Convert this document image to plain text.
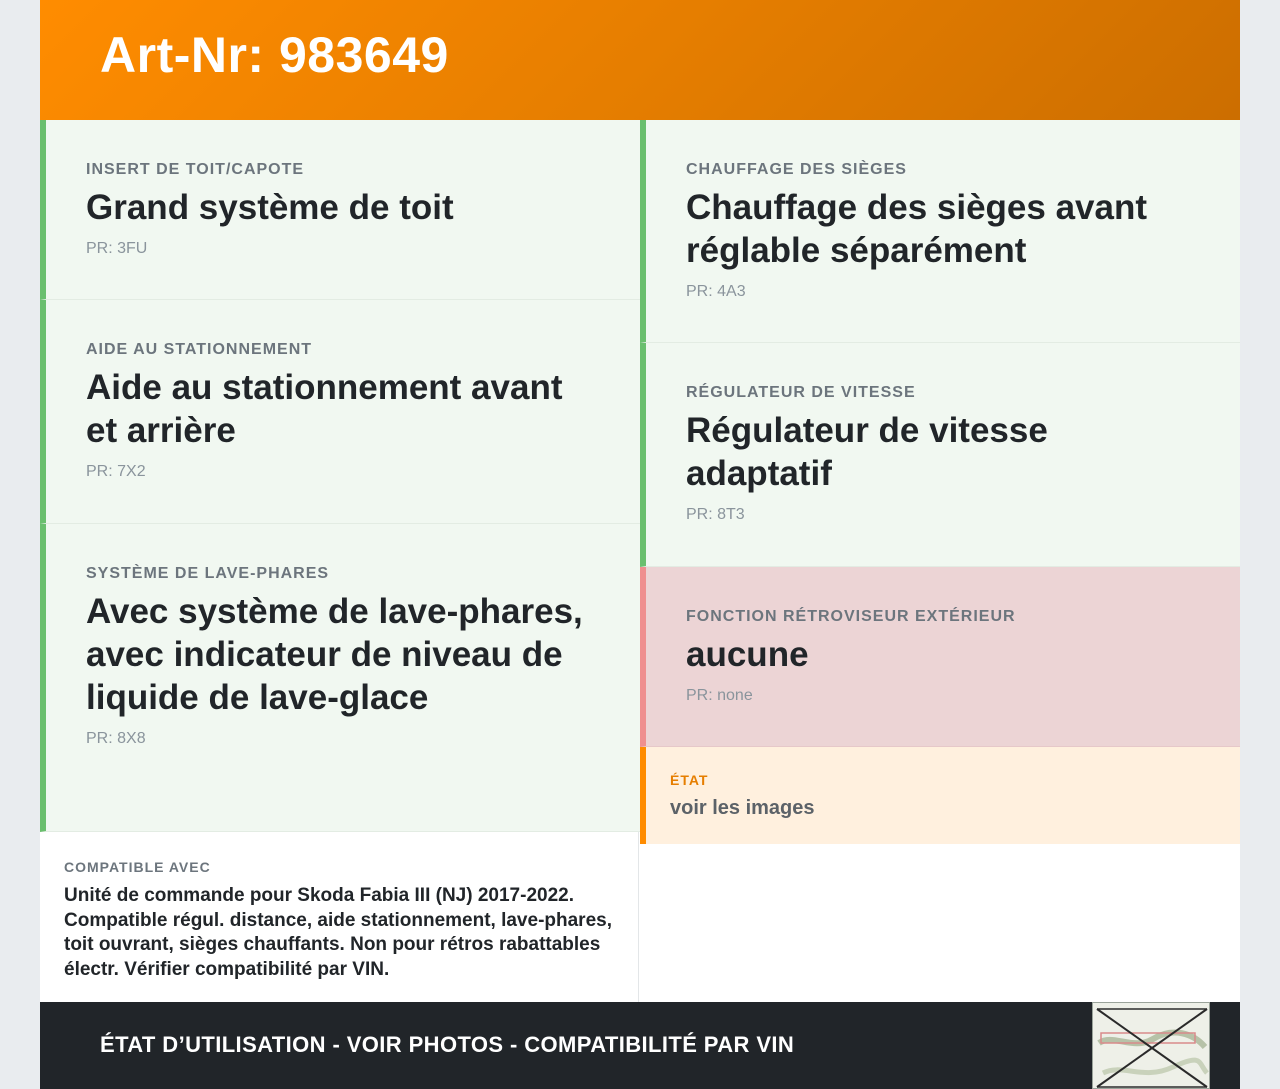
Art-Nr: 983649
INSERT DE TOIT/CAPOTE
Grand système de toit
PR: 3FU
AIDE AU STATIONNEMENT
Aide au stationnement avant et arrière
PR: 7X2
SYSTÈME DE LAVE-PHARES
Avec système de lave-phares, avec indicateur de niveau de liquide de lave-glace
PR: 8X8
COMPATIBLE AVEC
Unité de commande pour Skoda Fabia III (NJ) 2017-2022. Compatible régul. distance, aide stationnement, lave-phares, toit ouvrant, sièges chauffants. Non pour rétros rabattables électr. Vérifier compatibilité par VIN.
CHAUFFAGE DES SIÈGES
Chauffage des sièges avant réglable séparément
PR: 4A3
RÉGULATEUR DE VITESSE
Régulateur de vitesse adaptatif
PR: 8T3
FONCTION RÉTROVISEUR EXTÉRIEUR
aucune
PR: none
ÉTAT
voir les images
ÉTAT D’UTILISATION - VOIR PHOTOS - COMPATIBILITÉ PAR VIN
